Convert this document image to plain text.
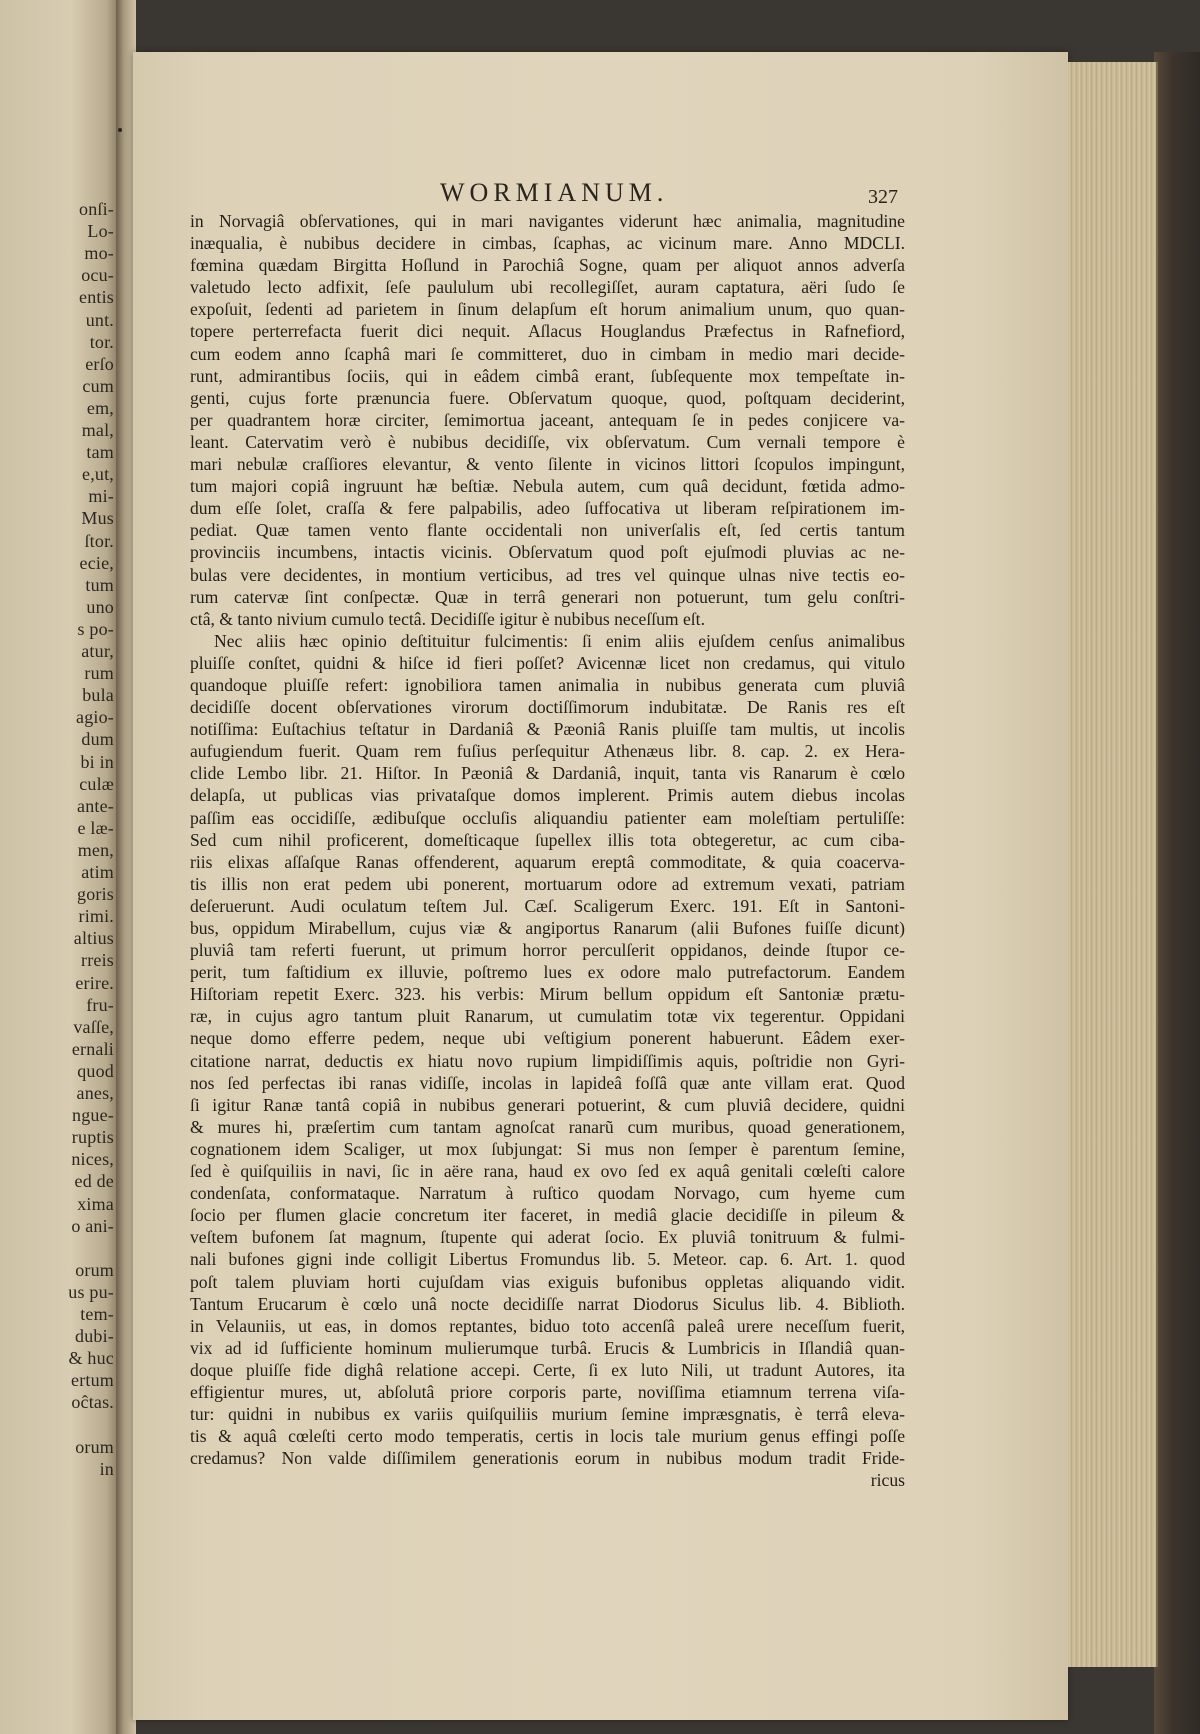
onſi-
Lo-
mo-
ocu-
entis
unt.
tor.
erſo
cum
em,
mal,
tam
e,ut,
mi-
Mus
ſtor.
ecie,
tum
uno
s po-
atur,
rum
bula
agio-
dum
bi in
culæ
ante-
e læ-
men,
atim
goris
rimi.
altius
rreis
erire.
fru-
vaſſe,
ernali
quod
anes,
ngue-
ruptis
nices,
ed de
xima
o ani-
orum
us pu-
tem-
dubi-
& huc
ertum
oĉtas.
orum
in
WORMIANUM.	327
in Norvagiâ obſervationes, qui in mari navigantes viderunt hæc animalia, magnitudine
inæqualia, è nubibus decidere in cimbas, ſcaphas, ac vicinum mare. Anno MDCLI.
fœmina quædam Birgitta Hoſlund in Parochiâ Sogne, quam per aliquot annos adverſa
valetudo lecto adfixit, ſeſe paululum ubi recollegiſſet, auram captatura, aëri ſudo ſe
expoſuit, ſedenti ad parietem in ſinum delapſum eſt horum animalium unum, quo quan-
topere perterrefacta fuerit dici nequit. Aſlacus Houglandus Præfectus in Rafnefiord,
cum eodem anno ſcaphâ mari ſe committeret, duo in cimbam in medio mari decide-
runt, admirantibus ſociis, qui in eâdem cimbâ erant, ſubſequente mox tempeſtate in-
genti, cujus forte prænuncia fuere. Obſervatum quoque, quod, poſtquam deciderint,
per quadrantem horæ circiter, ſemimortua jaceant, antequam ſe in pedes conjicere va-
leant. Catervatim verò è nubibus decidiſſe, vix obſervatum. Cum vernali tempore è
mari nebulæ craſſiores elevantur, & vento ſilente in vicinos littori ſcopulos impingunt,
tum majori copiâ ingruunt hæ beſtiæ. Nebula autem, cum quâ decidunt, fœtida admo-
dum eſſe ſolet, craſſa & fere palpabilis, adeo ſuffocativa ut liberam reſpirationem im-
pediat. Quæ tamen vento flante occidentali non univerſalis eſt, ſed certis tantum
provinciis incumbens, intactis vicinis. Obſervatum quod poſt ejuſmodi pluvias ac ne-
bulas vere decidentes, in montium verticibus, ad tres vel quinque ulnas nive tectis eo-
rum catervæ ſint conſpectæ. Quæ in terrâ generari non potuerunt, tum gelu conſtri-
ctâ, & tanto nivium cumulo tectâ. Decidiſſe igitur è nubibus neceſſum eſt.
Nec aliis hæc opinio deſtituitur fulcimentis: ſi enim aliis ejuſdem cenſus animalibus
pluiſſe conſtet, quidni & hiſce id fieri poſſet? Avicennæ licet non credamus, qui vitulo
quandoque pluiſſe refert: ignobiliora tamen animalia in nubibus generata cum pluviâ
decidiſſe docent obſervationes virorum doctiſſimorum indubitatæ. De Ranis res eſt
notiſſima: Euſtachius teſtatur in Dardaniâ & Pæoniâ Ranis pluiſſe tam multis, ut incolis
aufugiendum fuerit. Quam rem fuſius perſequitur Athenæus libr. 8. cap. 2. ex Hera-
clide Lembo libr. 21. Hiſtor. In Pæoniâ & Dardaniâ, inquit, tanta vis Ranarum è cœlo
delapſa, ut publicas vias privataſque domos implerent. Primis autem diebus incolas
paſſim eas occidiſſe, ædibuſque occluſis aliquandiu patienter eam moleſtiam pertuliſſe:
Sed cum nihil proficerent, domeſticaque ſupellex illis tota obtegeretur, ac cum ciba-
riis elixas aſſaſque Ranas offenderent, aquarum ereptâ commoditate, & quia coacerva-
tis illis non erat pedem ubi ponerent, mortuarum odore ad extremum vexati, patriam
deſeruerunt. Audi oculatum teſtem Jul. Cæſ. Scaligerum Exerc. 191. Eſt in Santoni-
bus, oppidum Mirabellum, cujus viæ & angiportus Ranarum (alii Bufones fuiſſe dicunt)
pluviâ tam referti fuerunt, ut primum horror perculſerit oppidanos, deinde ſtupor ce-
perit, tum faſtidium ex illuvie, poſtremo lues ex odore malo putrefactorum. Eandem
Hiſtoriam repetit Exerc. 323. his verbis: Mirum bellum oppidum eſt Santoniæ prætu-
ræ, in cujus agro tantum pluit Ranarum, ut cumulatim totæ vix tegerentur. Oppidani
neque domo efferre pedem, neque ubi veſtigium ponerent habuerunt. Eâdem exer-
citatione narrat, deductis ex hiatu novo rupium limpidiſſimis aquis, poſtridie non Gyri-
nos ſed perfectas ibi ranas vidiſſe, incolas in lapideâ foſſâ quæ ante villam erat. Quod
ſi igitur Ranæ tantâ copiâ in nubibus generari potuerint, & cum pluviâ decidere, quidni
& mures hi, præſertim cum tantam agnoſcat ranarũ cum muribus, quoad generationem,
cognationem idem Scaliger, ut mox ſubjungat: Si mus non ſemper è parentum ſemine,
ſed è quiſquiliis in navi, ſic in aëre rana, haud ex ovo ſed ex aquâ genitali cœleſti calore
condenſata, conformataque. Narratum à ruſtico quodam Norvago, cum hyeme cum
ſocio per flumen glacie concretum iter faceret, in mediâ glacie decidiſſe in pileum &
veſtem bufonem ſat magnum, ſtupente qui aderat ſocio. Ex pluviâ tonitruum & fulmi-
nali bufones gigni inde colligit Libertus Fromundus lib. 5. Meteor. cap. 6. Art. 1. quod
poſt talem pluviam horti cujuſdam vias exiguis bufonibus oppletas aliquando vidit.
Tantum Erucarum è cœlo unâ nocte decidiſſe narrat Diodorus Siculus lib. 4. Biblioth.
in Velauniis, ut eas, in domos reptantes, biduo toto accenſâ paleâ urere neceſſum fuerit,
vix ad id ſufficiente hominum mulierumque turbâ. Erucis & Lumbricis in Iſlandiâ quan-
doque pluiſſe fide dighâ relatione accepi. Certe, ſi ex luto Nili, ut tradunt Autores, ita
effigientur mures, ut, abſolutâ priore corporis parte, noviſſima etiamnum terrena viſa-
tur: quidni in nubibus ex variis quiſquiliis murium ſemine impræsgnatis, è terrâ eleva-
tis & aquâ cœleſti certo modo temperatis, certis in locis tale murium genus effingi poſſe
credamus? Non valde diſſimilem generationis eorum in nubibus modum tradit Fride-
ricus
